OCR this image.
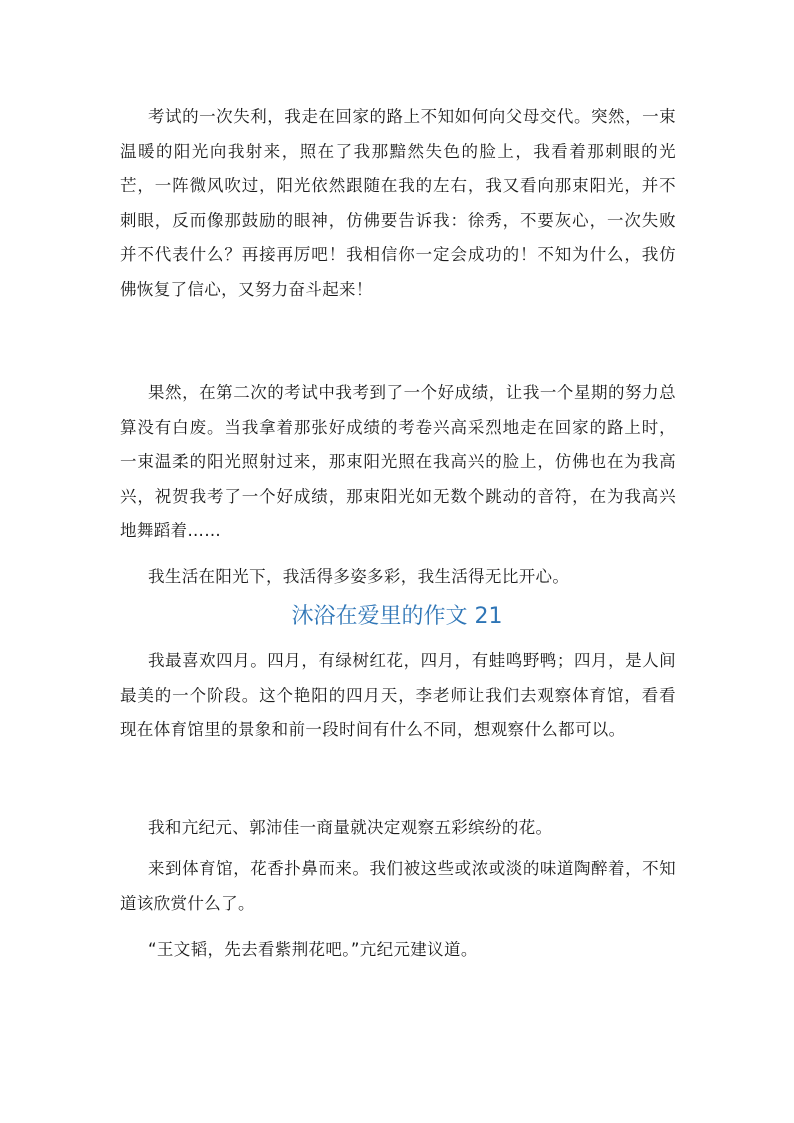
考试的一次失利，我走在回家的路上不知如何向父母交代。突然，一束温暖的阳光向我射来，照在了我那黯然失色的脸上，我看着那刺眼的光芒，一阵微风吹过，阳光依然跟随在我的左右，我又看向那束阳光，并不刺眼，反而像那鼓励的眼神，仿佛要告诉我：徐秀，不要灰心，一次失败并不代表什么？再接再厉吧！我相信你一定会成功的！不知为什么，我仿佛恢复了信心，又努力奋斗起来！

果然，在第二次的考试中我考到了一个好成绩，让我一个星期的努力总算没有白废。当我拿着那张好成绩的考卷兴高采烈地走在回家的路上时，一束温柔的阳光照射过来，那束阳光照在我高兴的脸上，仿佛也在为我高兴，祝贺我考了一个好成绩，那束阳光如无数个跳动的音符，在为我高兴地舞蹈着……

我生活在阳光下，我活得多姿多彩，我生活得无比开心。

沐浴在爱里的作文 21

我最喜欢四月。四月，有绿树红花，四月，有蛙鸣野鸭；四月，是人间最美的一个阶段。这个艳阳的四月天，李老师让我们去观察体育馆，看看现在体育馆里的景象和前一段时间有什么不同，想观察什么都可以。

我和亢纪元、郭沛佳一商量就决定观察五彩缤纷的花。

来到体育馆，花香扑鼻而来。我们被这些或浓或淡的味道陶醉着，不知道该欣赏什么了。

“王文韬，先去看紫荆花吧。”亢纪元建议道。
